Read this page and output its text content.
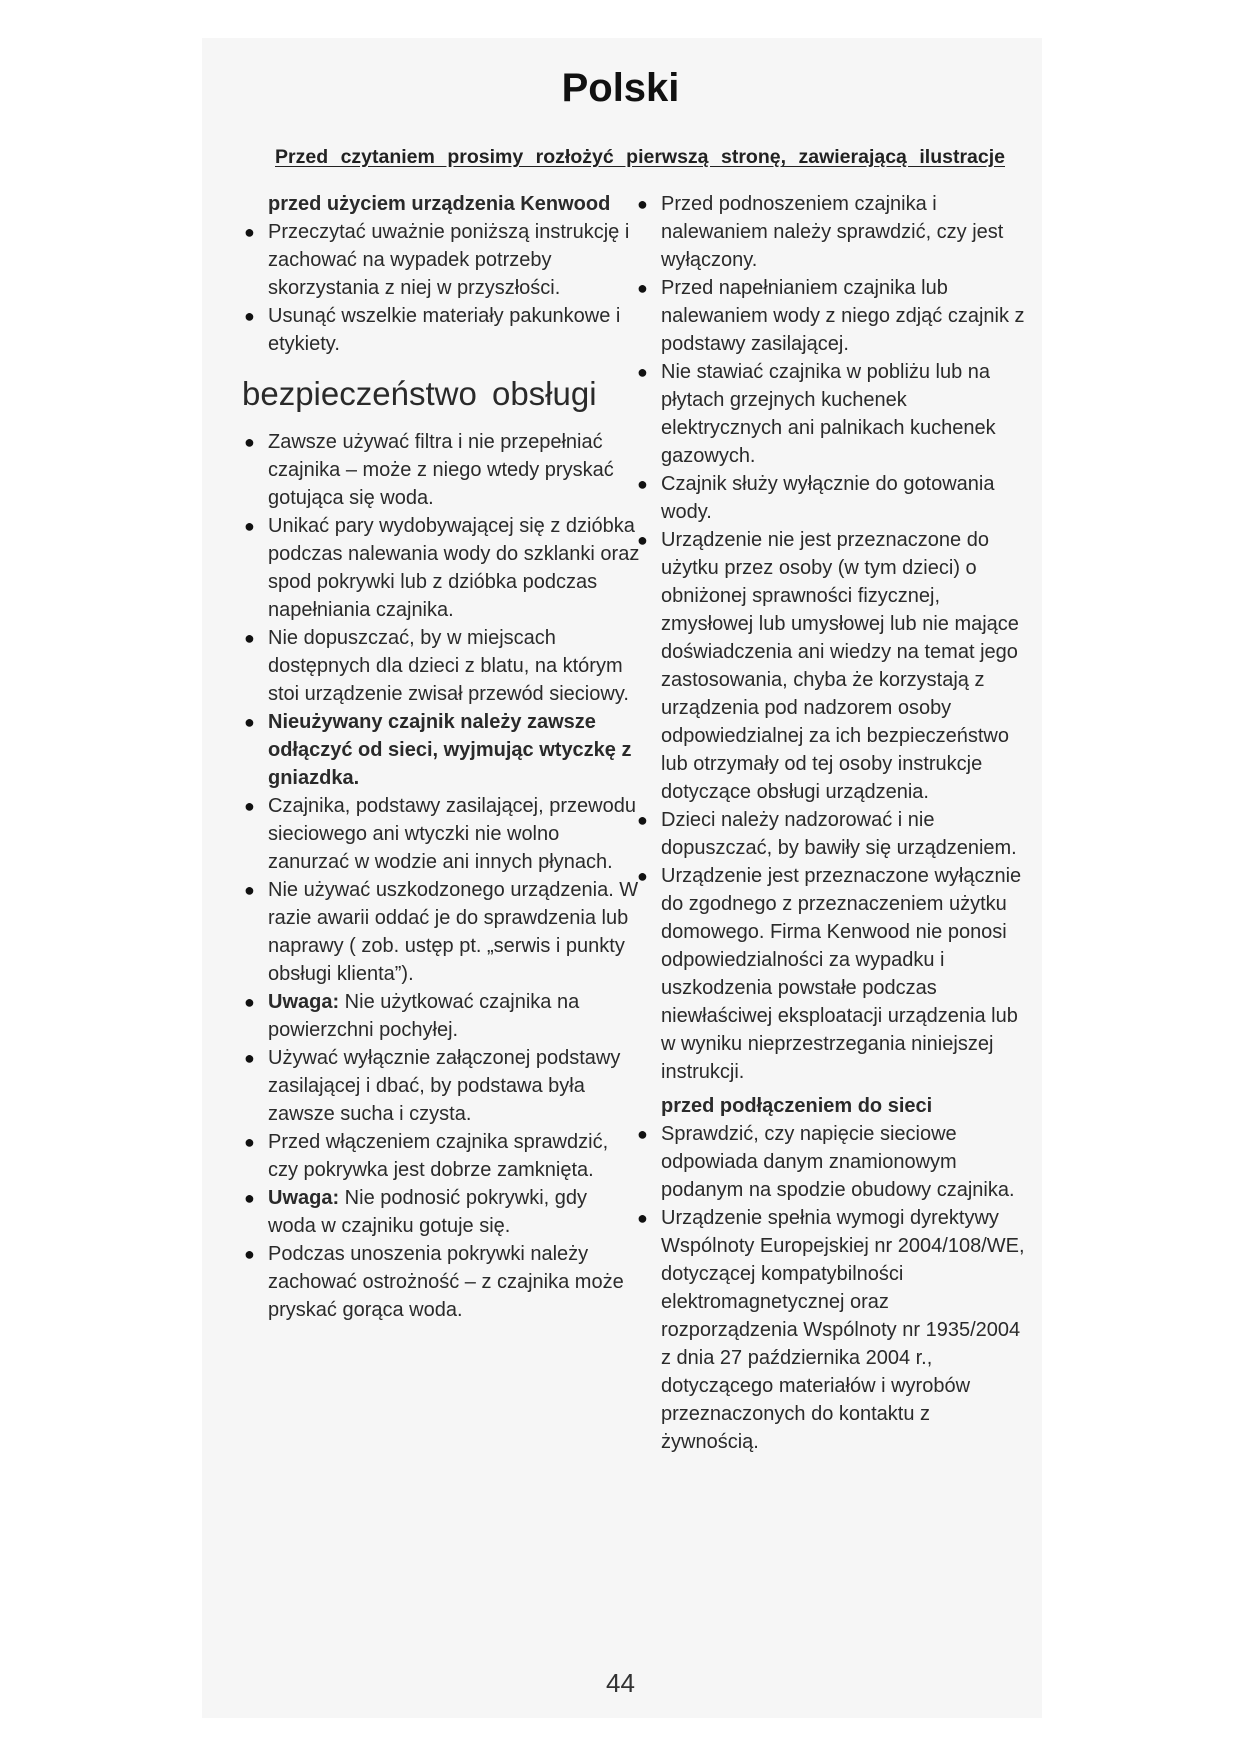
Polski
Przed czytaniem prosimy rozłożyć pierwszą stronę, zawierającą ilustracje

przed użyciem urządzenia Kenwood

● Przeczytać uważnie poniższą instrukcję i zachować na wypadek potrzeby skorzystania z niej w przyszłości.
● Usunąć wszelkie materiały pakunkowe i etykiety.
bezpieczeństwo obsługi
● Zawsze używać filtra i nie przepełniać czajnika – może z niego wtedy pryskać gotująca się woda.
● Unikać pary wydobywającej się z dzióbka podczas nalewania wody do szklanki oraz spod pokrywki lub z dzióbka podczas napełniania czajnika.
● Nie dopuszczać, by w miejscach dostępnych dla dzieci z blatu, na którym stoi urządzenie zwisał przewód sieciowy.
● Nieużywany czajnik należy zawsze odłączyć od sieci, wyjmując wtyczkę z gniazdka.
● Czajnika, podstawy zasilającej, przewodu sieciowego ani wtyczki nie wolno zanurzać w wodzie ani innych płynach.
● Nie używać uszkodzonego urządzenia. W razie awarii oddać je do sprawdzenia lub naprawy ( zob. ustęp pt. „serwis i punkty obsługi klienta”).
● Uwaga: Nie użytkować czajnika na powierzchni pochyłej.
● Używać wyłącznie załączonej podstawy zasilającej i dbać, by podstawa była zawsze sucha i czysta.
● Przed włączeniem czajnika sprawdzić, czy pokrywka jest dobrze zamknięta.
● Uwaga: Nie podnosić pokrywki, gdy woda w czajniku gotuje się.
● Podczas unoszenia pokrywki należy zachować ostrożność – z czajnika może pryskać gorąca woda.
● Przed podnoszeniem czajnika i nalewaniem należy sprawdzić, czy jest wyłączony.
● Przed napełnianiem czajnika lub nalewaniem wody z niego zdjąć czajnik z podstawy zasilającej.
● Nie stawiać czajnika w pobliżu lub na płytach grzejnych kuchenek elektrycznych ani palnikach kuchenek gazowych.
● Czajnik służy wyłącznie do gotowania wody.
● Urządzenie nie jest przeznaczone do użytku przez osoby (w tym dzieci) o obniżonej sprawności fizycznej, zmysłowej lub umysłowej lub nie mające doświadczenia ani wiedzy na temat jego zastosowania, chyba że korzystają z urządzenia pod nadzorem osoby odpowiedzialnej za ich bezpieczeństwo lub otrzymały od tej osoby instrukcje dotyczące obsługi urządzenia.
● Dzieci należy nadzorować i nie dopuszczać, by bawiły się urządzeniem.
● Urządzenie jest przeznaczone wyłącznie do zgodnego z przeznaczeniem użytku domowego. Firma Kenwood nie ponosi odpowiedzialności za wypadku i uszkodzenia powstałe podczas niewłaściwej eksploatacji urządzenia lub w wyniku nieprzestrzegania niniejszej instrukcji.

przed podłączeniem do sieci

● Sprawdzić, czy napięcie sieciowe odpowiada danym znamionowym podanym na spodzie obudowy czajnika.
● Urządzenie spełnia wymogi dyrektywy Wspólnoty Europejskiej nr 2004/108/WE, dotyczącej kompatybilności elektromagnetycznej oraz rozporządzenia Wspólnoty nr 1935/2004 z dnia 27 października 2004 r., dotyczącego materiałów i wyrobów przeznaczonych do kontaktu z żywnością.
44
